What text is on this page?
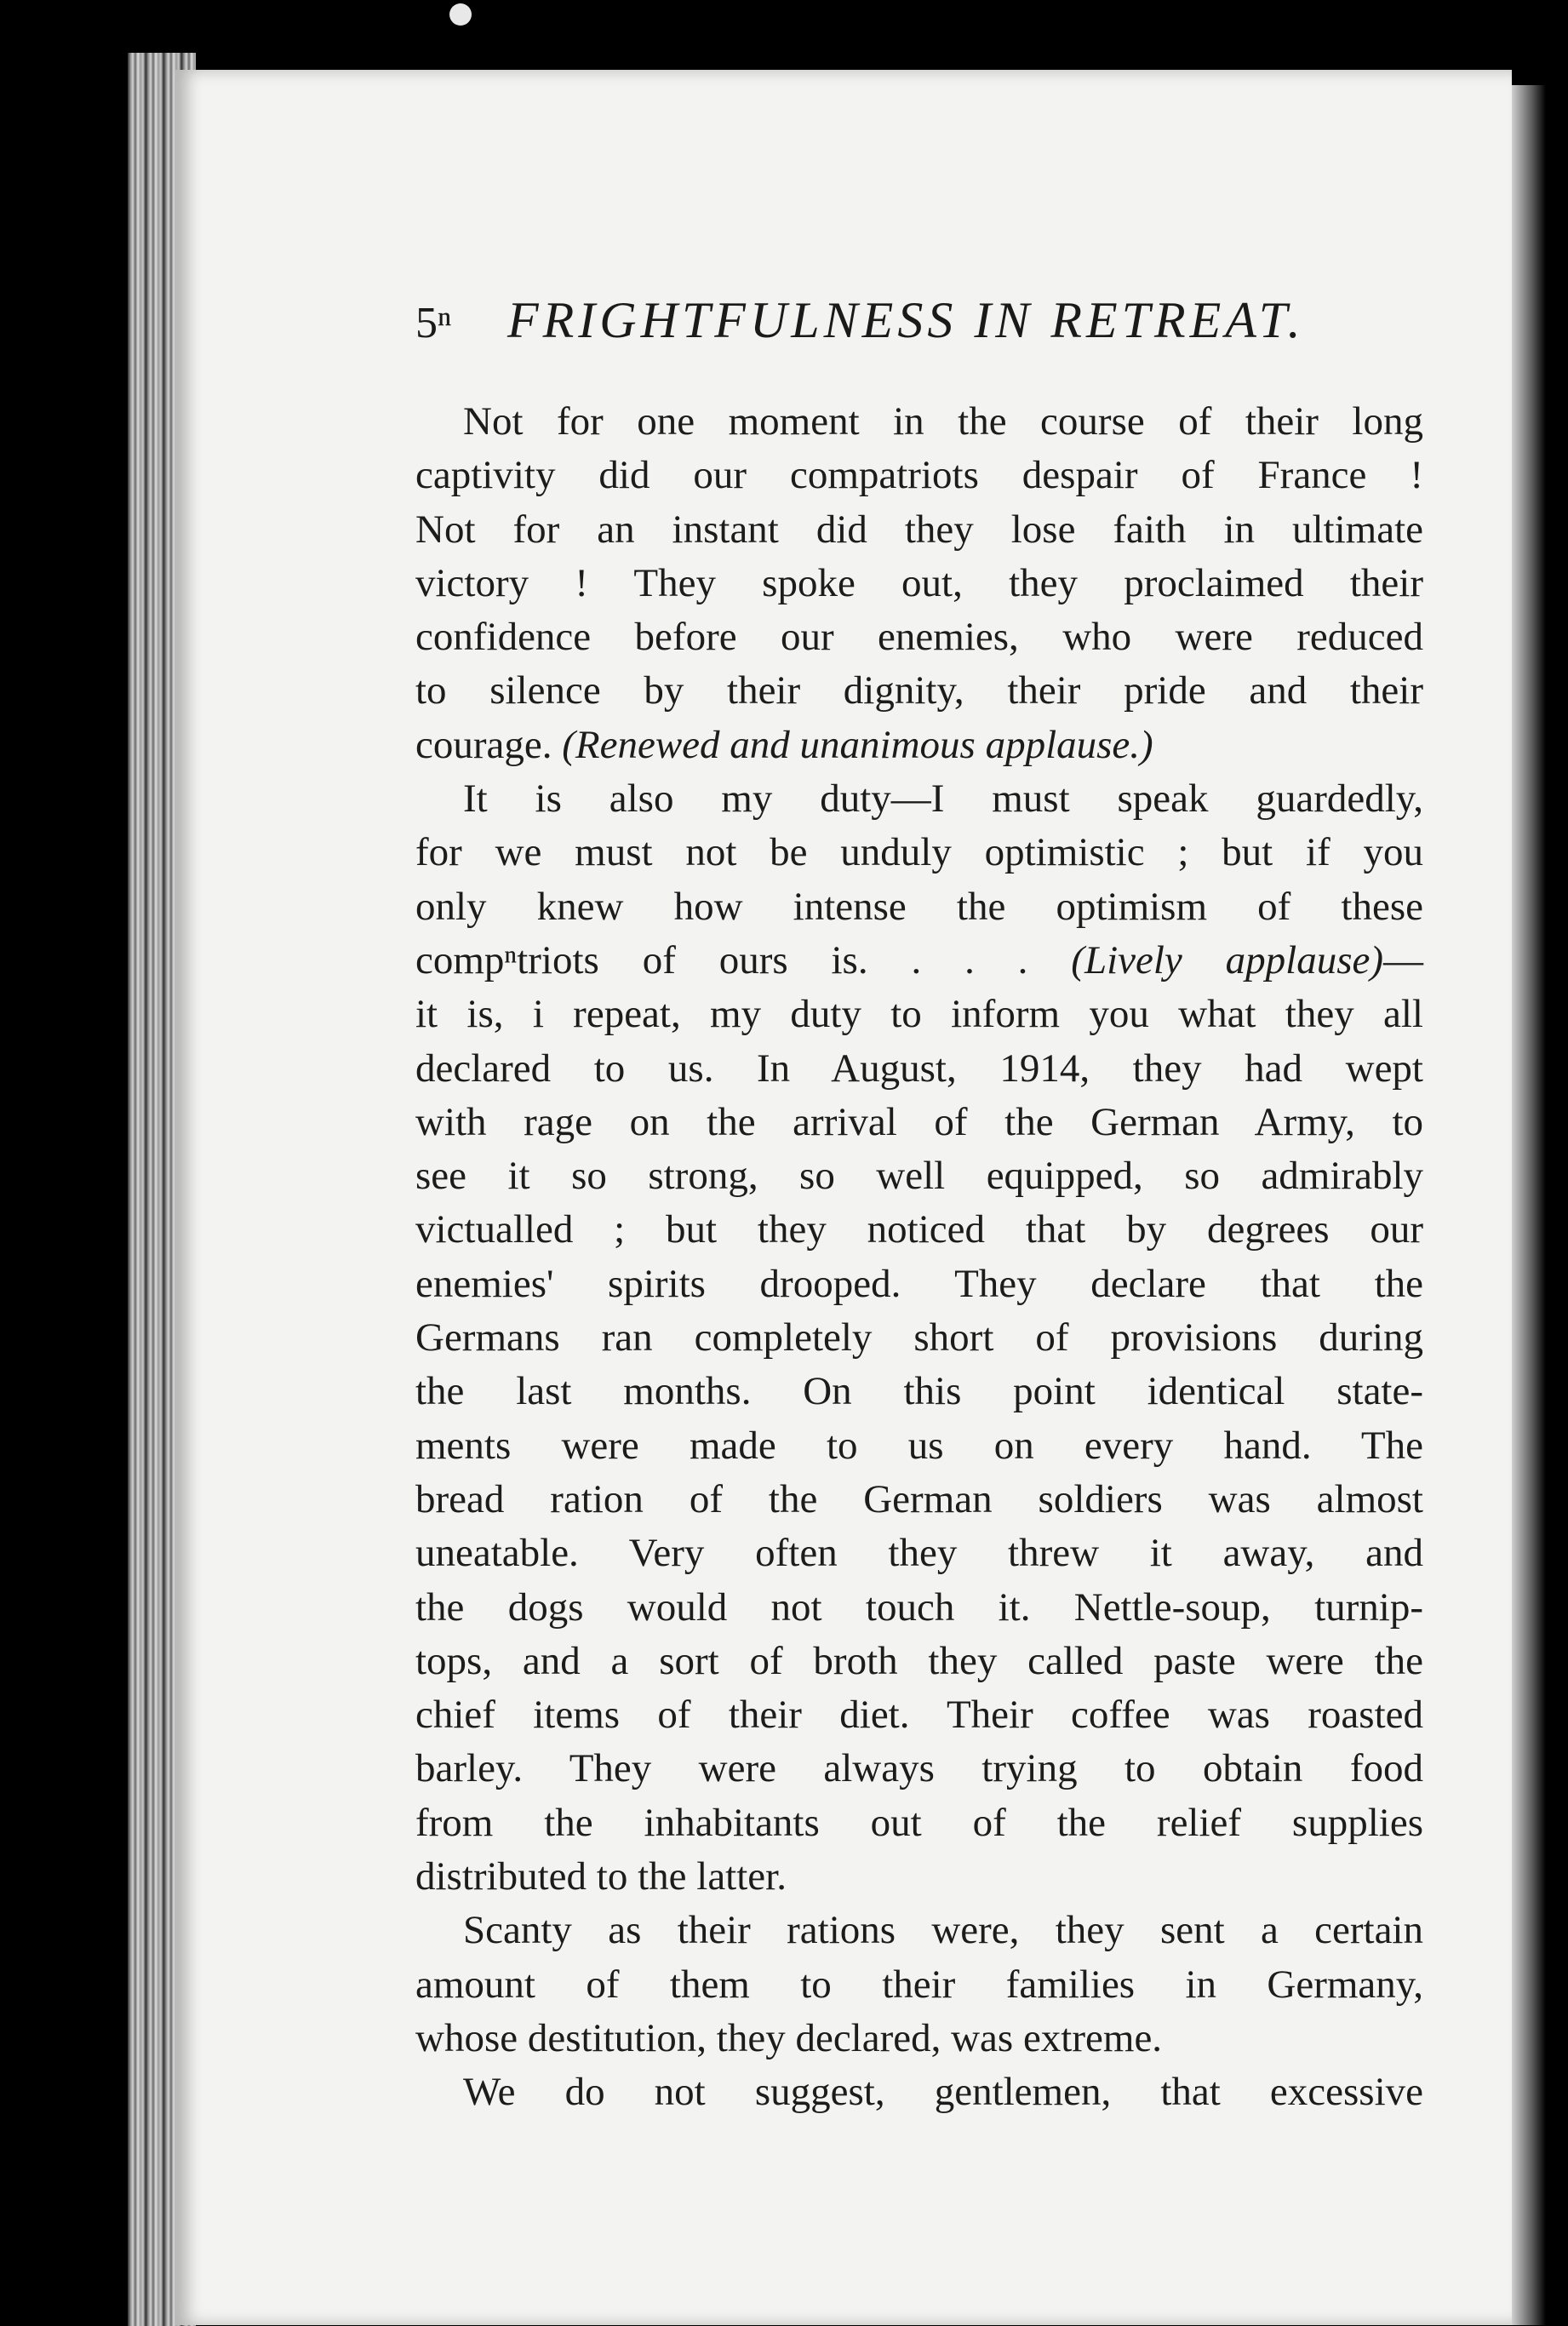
5ⁿ FRIGHTFULNESS IN RETREAT.
Not for one moment in the course of their long
captivity did our compatriots despair of France !
Not for an instant did they lose faith in ultimate
victory ! They spoke out, they proclaimed their
confidence before our enemies, who were reduced
to silence by their dignity, their pride and their
courage. (Renewed and unanimous applause.)
It is also my duty—I must speak guardedly,
for we must not be unduly optimistic ; but if you
only knew how intense the optimism of these
compⁿtriots of ours is. . . . (Lively applause)—
it is, i repeat, my duty to inform you what they all
declared to us. In August, 1914, they had wept
with rage on the arrival of the German Army, to
see it so strong, so well equipped, so admirably
victualled ; but they noticed that by degrees our
enemies' spirits drooped. They declare that the
Germans ran completely short of provisions during
the last months. On this point identical state-
ments were made to us on every hand. The
bread ration of the German soldiers was almost
uneatable. Very often they threw it away, and
the dogs would not touch it. Nettle-soup, turnip-
tops, and a sort of broth they called paste were the
chief items of their diet. Their coffee was roasted
barley. They were always trying to obtain food
from the inhabitants out of the relief supplies
distributed to the latter.
Scanty as their rations were, they sent a certain
amount of them to their families in Germany,
whose destitution, they declared, was extreme.
We do not suggest, gentlemen, that excessive
